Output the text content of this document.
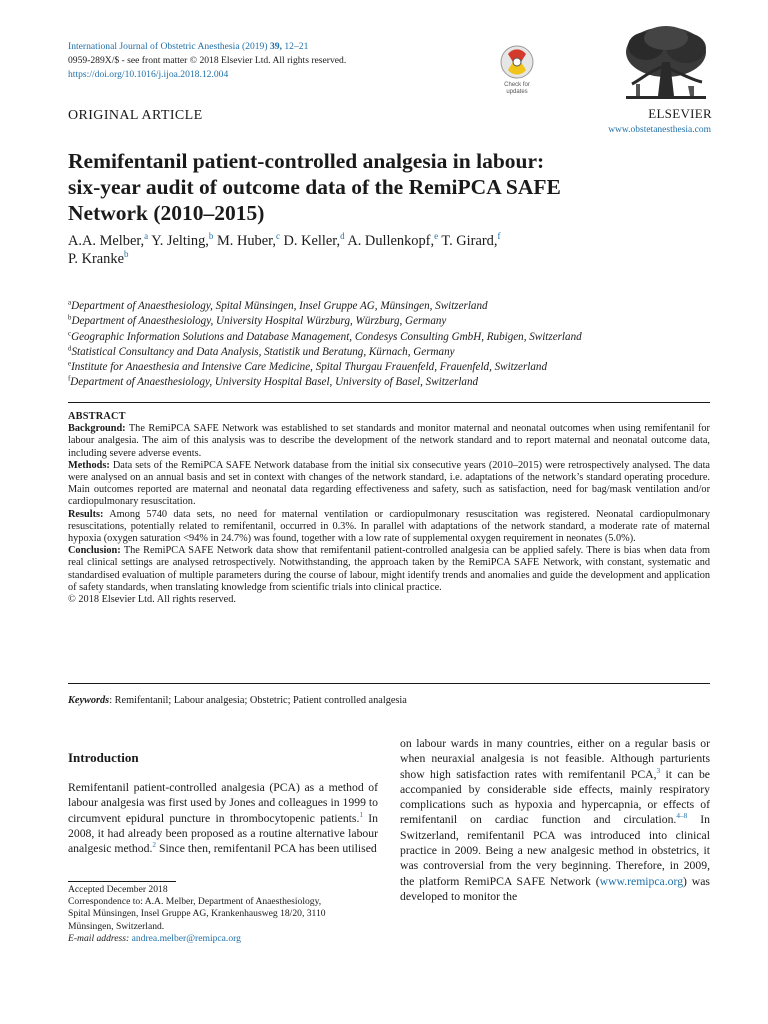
International Journal of Obstetric Anesthesia (2019) 39, 12–21
0959-289X/$ - see front matter © 2018 Elsevier Ltd. All rights reserved.
https://doi.org/10.1016/j.ijoa.2018.12.004
Check for updates
ELSEVIER
www.obstetanesthesia.com
ORIGINAL ARTICLE
Remifentanil patient-controlled analgesia in labour:
six-year audit of outcome data of the RemiPCA SAFE
Network (2010–2015)
A.A. Melber,$^a$ Y. Jelting,$^b$ M. Huber,$^c$ D. Keller,$^d$ A. Dullenkopf,$^e$ T. Girard,$^f$
P. Kranke$^b$
$^a$Department of Anaesthesiology, Spital Münsingen, Insel Gruppe AG, Münsingen, Switzerland
$^b$Department of Anaesthesiology, University Hospital Würzburg, Würzburg, Germany
$^c$Geographic Information Solutions and Database Management, Condesys Consulting GmbH, Rubigen, Switzerland
$^d$Statistical Consultancy and Data Analysis, Statistik und Beratung, Kürnach, Germany
$^e$Institute for Anaesthesia and Intensive Care Medicine, Spital Thurgau Frauenfeld, Frauenfeld, Switzerland
$^f$Department of Anaesthesiology, University Hospital Basel, University of Basel, Switzerland
ABSTRACT

Background: The RemiPCA SAFE Network was established to set standards and monitor maternal and neonatal outcomes when using remifentanil for labour analgesia. The aim of this analysis was to describe the development of the network standard and to report maternal and neonatal outcome data, including severe adverse events.

Methods: Data sets of the RemiPCA SAFE Network database from the initial six consecutive years (2010–2015) were retrospectively analysed. The data were analysed on an annual basis and set in context with changes of the network standard, i.e. adaptations of the network’s standard operating procedure. Main outcomes reported are maternal and neonatal data regarding effectiveness and safety, such as satisfaction, need for bag/mask ventilation and/or cardiopulmonary resuscitation.

Results: Among 5740 data sets, no need for maternal ventilation or cardiopulmonary resuscitation was registered. Neonatal cardiopulmonary resuscitations, potentially related to remifentanil, occurred in 0.3%. In parallel with adaptations of the network standard, a moderate rate of maternal hypoxia (oxygen saturation <94% in 24.7%) was found, together with a low rate of supplemental oxygen requirement in neonates (5.0%).

Conclusion: The RemiPCA SAFE Network data show that remifentanil patient-controlled analgesia can be applied safely. There is bias when data from real clinical settings are analysed retrospectively. Notwithstanding, the approach taken by the RemiPCA SAFE Network, with constant, systematic and standardised evaluation of multiple parameters during the course of labour, might identify trends and anomalies and guide the development and application of safety standards, when translating knowledge from scientific trials into clinical practice.

© 2018 Elsevier Ltd. All rights reserved.

Keywords: Remifentanil; Labour analgesia; Obstetric; Patient controlled analgesia
Introduction
Remifentanil patient-controlled analgesia (PCA) as a method of labour analgesia was first used by Jones and colleagues in 1999 to circumvent epidural puncture in thrombocytopenic patients.$^1$ In 2008, it had already been proposed as a routine alternative labour analgesic method.$^2$ Since then, remifentanil PCA has been utilised
on labour wards in many countries, either on a regular basis or when neuraxial analgesia is not feasible. Although parturients show high satisfaction rates with remifentanil PCA,$^3$ it can be accompanied by considerable side effects, mainly respiratory complications such as hypoxia and hypercapnia, or effects of remifentanil on cardiac function and circulation.$^{4-8}$ In Switzerland, remifentanil PCA was introduced into clinical practice in 2009. Being a new analgesic method in obstetrics, it was controversial from the very beginning. Therefore, in 2009, the platform RemiPCA SAFE Network (www.remipca.org) was developed to monitor the
Accepted December 2018
Correspondence to: A.A. Melber, Department of Anaesthesiology,
Spital Münsingen, Insel Gruppe AG, Krankenhausweg 18/20, 3110
Münsingen, Switzerland.
E-mail address: andrea.melber@remipca.org
